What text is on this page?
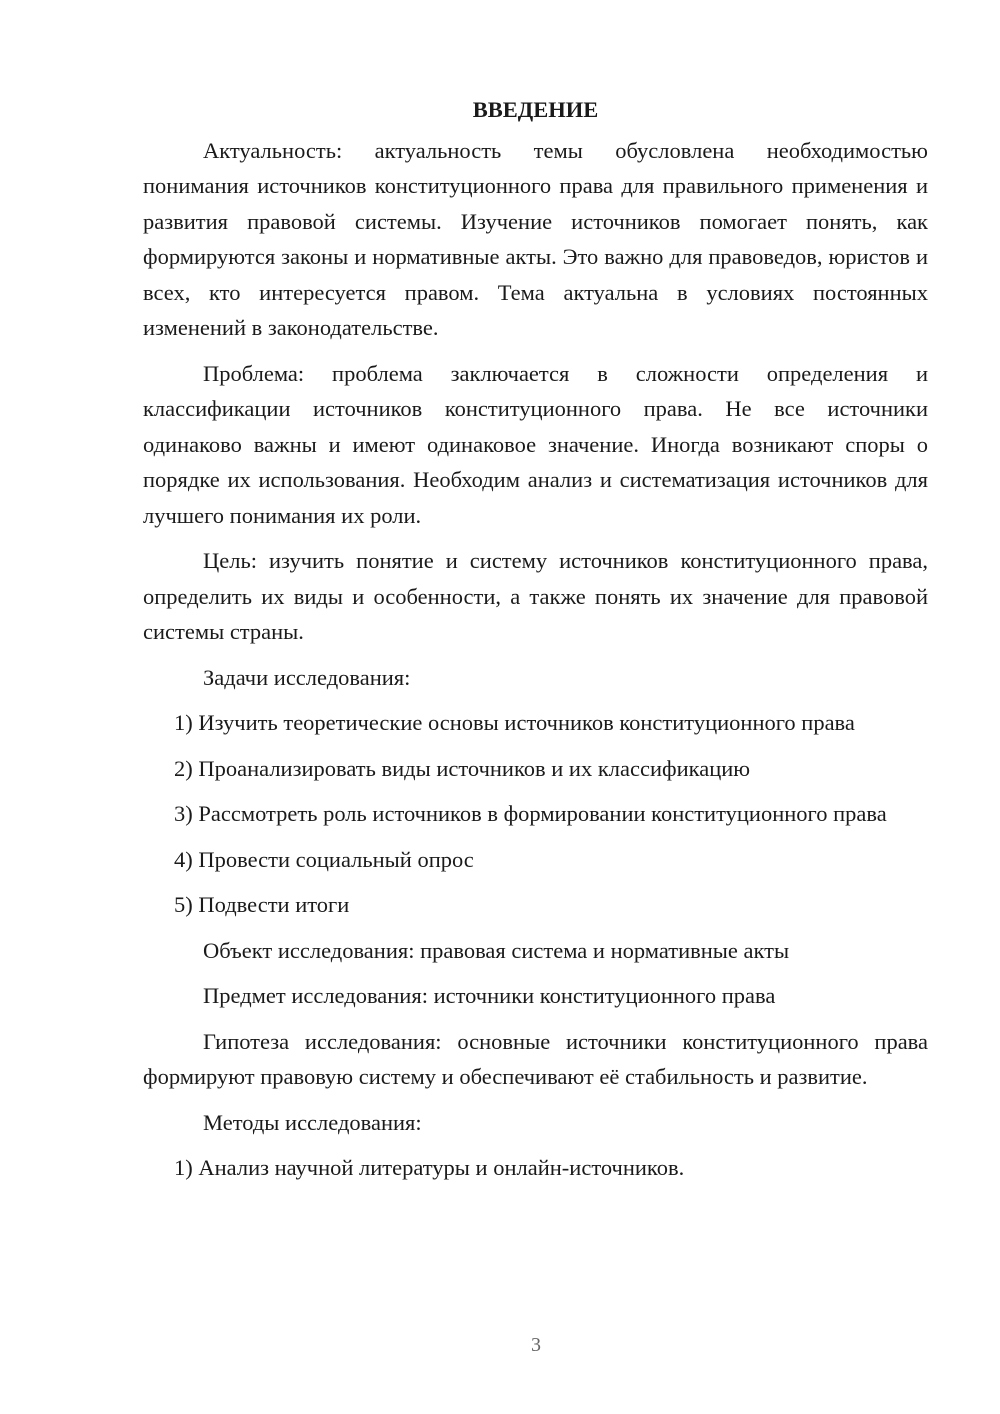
ВВЕДЕНИЕ

Актуальность: актуальность темы обусловлена необходимостью понимания источников конституционного права для правильного применения и развития правовой системы. Изучение источников помогает понять, как формируются законы и нормативные акты. Это важно для правоведов, юристов и всех, кто интересуется правом. Тема актуальна в условиях постоянных изменений в законодательстве.

Проблема: проблема заключается в сложности определения и классификации источников конституционного права. Не все источники одинаково важны и имеют одинаковое значение. Иногда возникают споры о порядке их использования. Необходим анализ и систематизация источников для лучшего понимания их роли.

Цель: изучить понятие и систему источников конституционного права, определить их виды и особенности, а также понять их значение для правовой системы страны.

Задачи исследования:

1) Изучить теоретические основы источников конституционного права

2) Проанализировать виды источников и их классификацию

3) Рассмотреть роль источников в формировании конституционного права

4) Провести социальный опрос

5) Подвести итоги

Объект исследования: правовая система и нормативные акты

Предмет исследования: источники конституционного права

Гипотеза исследования: основные источники конституционного права формируют правовую систему и обеспечивают её стабильность и развитие.

Методы исследования:

1) Анализ научной литературы и онлайн-источников.

3
